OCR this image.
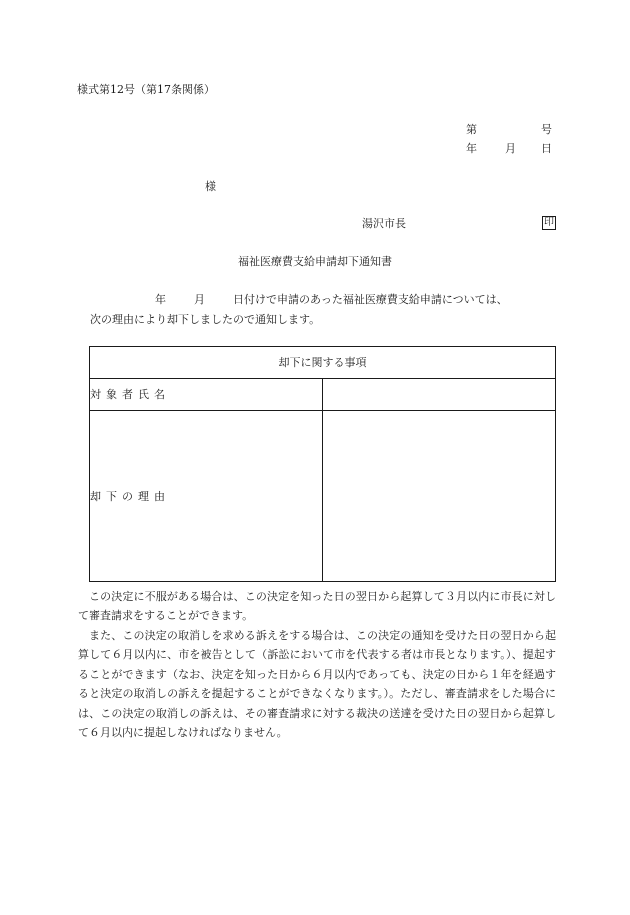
様式第12号（第17条関係）
第	号
年	月 日
様
湯沢市長	印
福祉医療費支給申請却下通知書
年	月	日付けで申請のあった福祉医療費支給申請については、
次の理由により却下しましたので通知します。
却下に関する事項	
対象者氏名	
却下の理由	

この決定に不服がある場合は、この決定を知った日の翌日から起算して３月以内に市長に対して審査請求をすることができます。

また、この決定の取消しを求める訴えをする場合は、この決定の通知を受けた日の翌日から起算して６月以内に、市を被告として（訴訟において市を代表する者は市長となります。）、提起することができます（なお、決定を知った日から６月以内であっても、決定の日から１年を経過すると決定の取消しの訴えを提起することができなくなります。）。ただし、審査請求をした場合には、この決定の取消しの訴えは、その審査請求に対する裁決の送達を受けた日の翌日から起算して６月以内に提起しなければなりません。
